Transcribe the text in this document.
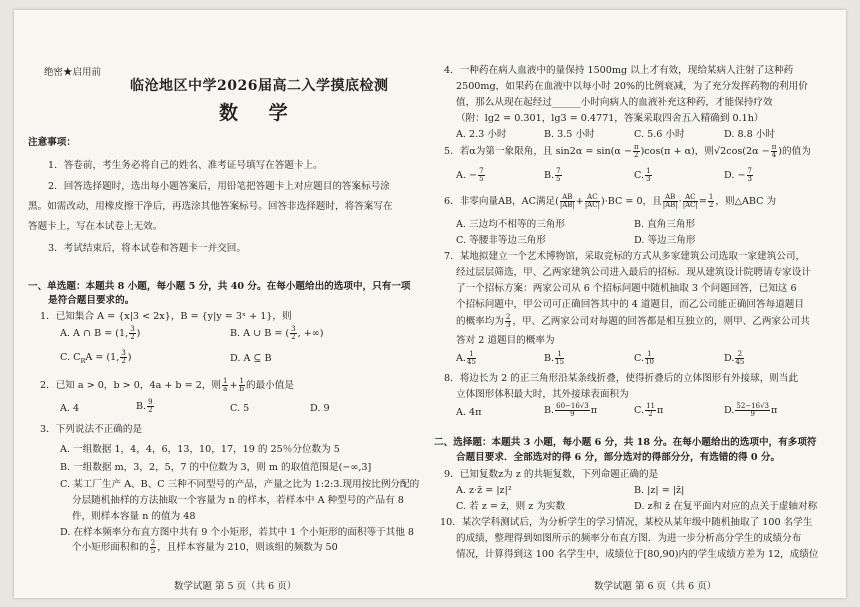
绝密★启用前
临沧地区中学2026届高二入学摸底检测
数 学
注意事项：
1．答卷前，考生务必将自己的姓名、准考证号填写在答题卡上。
2．回答选择题时，选出每小题答案后，用铅笔把答题卡上对应题目的答案标号涂
黑。如需改动，用橡皮擦干净后，再选涂其他答案标号。回答非选择题时，将答案写在
答题卡上，写在本试卷上无效。
3．考试结束后，将本试卷和答题卡一并交回。
一、单选题：本题共 8 小题，每小题 5 分，共 40 分。在每小题给出的选项中，只有一项
是符合题目要求的。
1．已知集合 A = {x|3 < 2x}，B = {y|y = 3ˣ + 1}，则
A. A ∩ B = (1, $\frac{3}{2}$ )	B. A ∪ B = ( $\frac{3}{2}$ , +∞)
C. $C_RA = (1$, $\frac{3}{2}$ )	D. A ⊆ B
2．已知 a > 0，b > 0，4a + b = 2，则 $\frac{1}{a} + \frac{1}{b}$ 的最小值是
A. 4	B. $\frac{9}{2}$	C. 5	D. 9
3．下列说法不正确的是
A. 一组数据 1，4，4，6，13，10，17，19 的 25％分位数为 5
B. 一组数据 m，3，2，5，7 的中位数为 3，则 m 的取值范围是(−∞,3]
C. 某工厂生产 A、B、C 三种不同型号的产品，产量之比为 1:2:3.现用按比例分配的
分层随机抽样的方法抽取一个容量为 n 的样本，若样本中 A 种型号的产品有 8
件，则样本容量 n 的值为 48
D. 在样本频率分布直方图中共有 9 个小矩形，若其中 1 个小矩形的面积等于其他 8
个小矩形面积和的 $\frac{2}{5}$ ，且样本容量为 210，则该组的频数为 50
数学试题 第 5 页（共 6 页）
4．一种药在病人血液中的量保持 1500mg 以上才有效，现给某病人注射了这种药
2500mg，如果药在血液中以每小时 20%的比例衰减，为了充分发挥药物的利用价
值，那么从现在起经过______小时向病人的血液补充这种药，才能保持疗效
（附：lg2 = 0.301，lg3 = 0.4771，答案采取四舍五入精确到 0.1h）
A. 2.3 小时	B. 3.5 小时	C. 5.6 小时	D. 8.8 小时
5．若α为第一象限角，且 $\sin 2\alpha = \sin(\alpha - \frac{\pi}{2} )\cos(\pi + \alpha)$，则$√2\cos(2\alpha - \frac{\pi}{4}$ )的值为
A. − $\frac{7}{5}$	B. $\frac{7}{5}$	C. $\frac{1}{3}$	D. − $\frac{7}{3}$
6．非零向量AB，AC满足( $\frac{AB}{|AB|} + \frac{AC}{|AC|} )\cdot BC = 0$，且 $\frac{AB}{|AB|} \cdot \frac{AC}{|AC|} = \frac{1}{2}$ ，则△ABC 为
A. 三边均不相等的三角形	B. 直角三角形
C. 等腰非等边三角形	D. 等边三角形
7．某地拟建立一个艺术博物馆，采取竞标的方式从多家建筑公司选取一家建筑公司，
经过层层筛选，甲、乙两家建筑公司进入最后的招标．现从建筑设计院聘请专家设计
了一个招标方案：两家公司从 6 个招标问题中随机抽取 3 个问题回答，已知这 6
个招标问题中，甲公司可正确回答其中的 4 道题目，而乙公司能正确回答每道题目
的概率均为 $\frac{2}{3}$ ，甲、乙两家公司对每题的回答都是相互独立的，则甲、乙两家公司共
答对 2 道题目的概率为
A. $\frac{1}{45}$	B. $\frac{1}{15}$	C. $\frac{1}{10}$	D. $\frac{2}{45}$
8．将边长为 2 的正三角形沿某条线折叠，使得折叠后的立体图形有外接球，则当此
立体图形体积最大时，其外接球表面积为
A. 4π	B. $\frac{60-16√3}{9}$ π	C. $\frac{11}{2}$ π	D. $\frac{52-16√3}{9}$ π
二、选择题：本题共 3 小题，每小题 6 分，共 18 分。在每小题给出的选项中，有多项符
合题目要求．全部选对的得 6 分，部分选对的得部分分，有选错的得 0 分。
9．已知复数z为 z 的共轭复数，下列命题正确的是
A. z·z̄ = |z|²	B. |z| = |z̄|
C. 若 z = z̄，则 z 为实数	D. z和 z̄ 在复平面内对应的点关于虚轴对称
10．某次学科测试后，为分析学生的学习情况，某校从某年级中随机抽取了 100 名学生
的成绩，整理得到如图所示的频率分布直方图．为进一步分析高分学生的成绩分布
情况，计算得到这 100 名学生中，成绩位于[80,90)内的学生成绩方差为 12，成绩位
数学试题 第 6 页（共 6 页）
